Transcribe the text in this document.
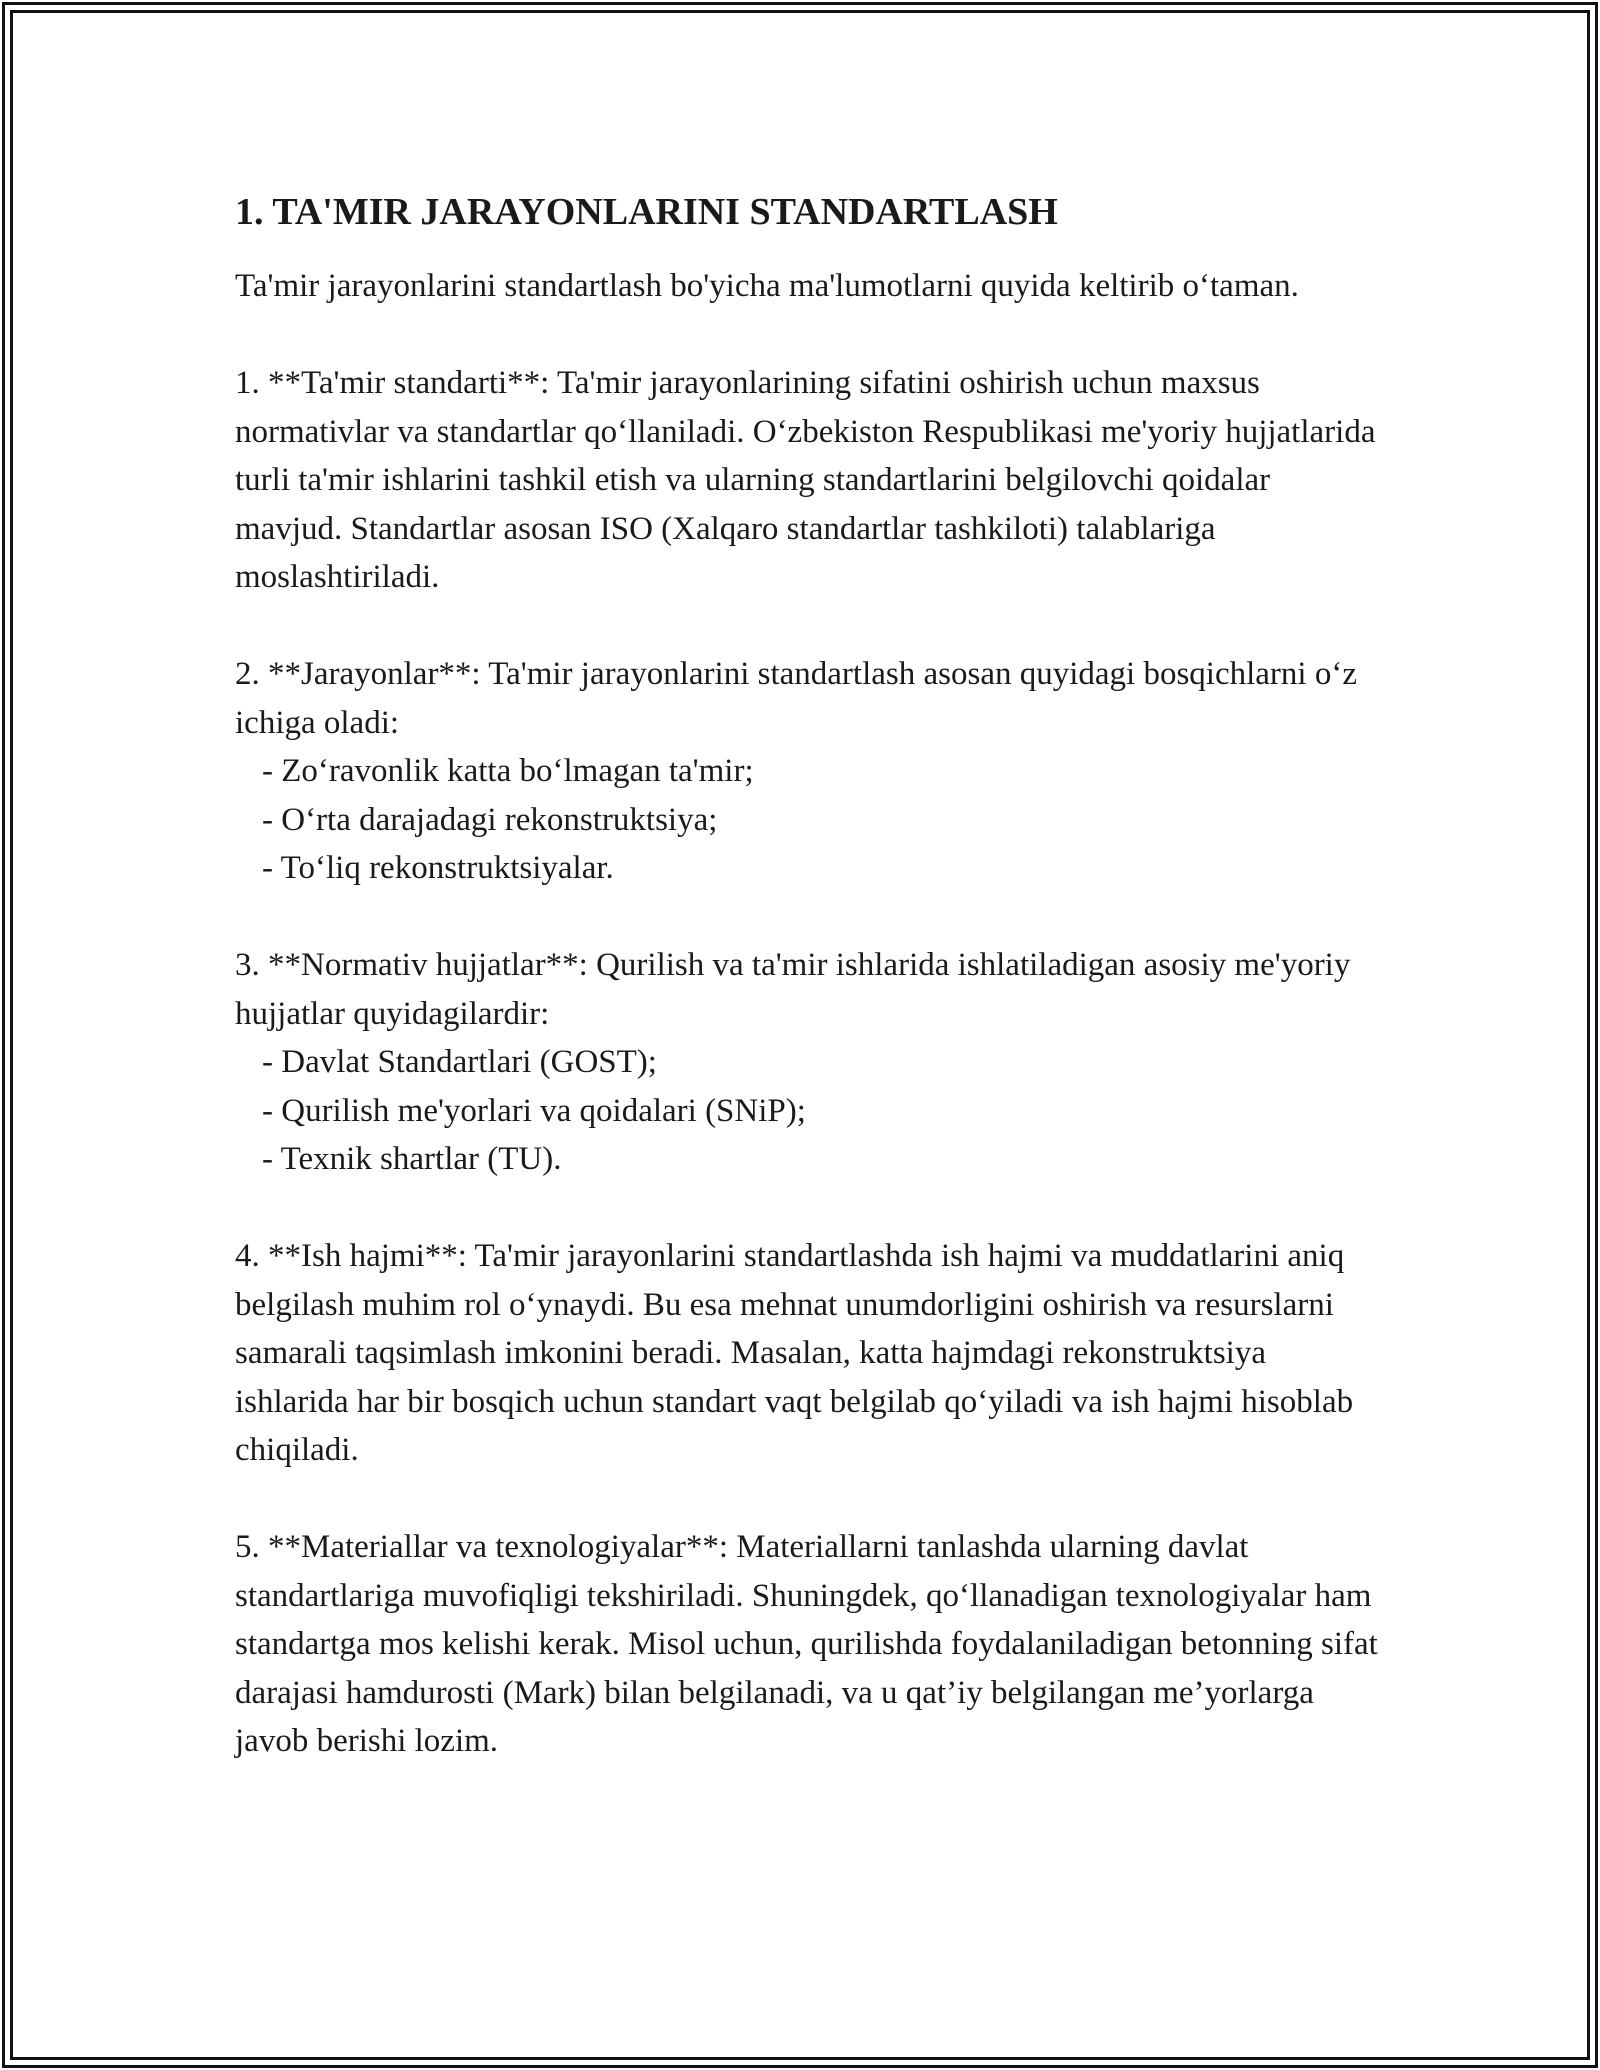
1. TA'MIR JARAYONLARINI STANDARTLASH

Ta'mir jarayonlarini standartlash bo'yicha ma'lumotlarni quyida keltirib o‘taman.

1. **Ta'mir standarti**: Ta'mir jarayonlarining sifatini oshirish uchun maxsus normativlar va standartlar qo‘llaniladi. O‘zbekiston Respublikasi me'yoriy hujjatlarida turli ta'mir ishlarini tashkil etish va ularning standartlarini belgilovchi qoidalar mavjud. Standartlar asosan ISO (Xalqaro standartlar tashkiloti) talablariga moslashtiriladi.

2. **Jarayonlar**: Ta'mir jarayonlarini standartlash asosan quyidagi bosqichlarni o‘z ichiga oladi:

- Zo‘ravonlik katta bo‘lmagan ta'mir;

- O‘rta darajadagi rekonstruktsiya;

- To‘liq rekonstruktsiyalar.

3. **Normativ hujjatlar**: Qurilish va ta'mir ishlarida ishlatiladigan asosiy me'yoriy hujjatlar quyidagilardir:

- Davlat Standartlari (GOST);

- Qurilish me'yorlari va qoidalari (SNiP);

- Texnik shartlar (TU).

4. **Ish hajmi**: Ta'mir jarayonlarini standartlashda ish hajmi va muddatlarini aniq belgilash muhim rol o‘ynaydi. Bu esa mehnat unumdorligini oshirish va resurslarni samarali taqsimlash imkonini beradi. Masalan, katta hajmdagi rekonstruktsiya ishlarida har bir bosqich uchun standart vaqt belgilab qo‘yiladi va ish hajmi hisoblab chiqiladi.

5. **Materiallar va texnologiyalar**: Materiallarni tanlashda ularning davlat standartlariga muvofiqligi tekshiriladi. Shuningdek, qo‘llanadigan texnologiyalar ham standartga mos kelishi kerak. Misol uchun, qurilishda foydalaniladigan betonning sifat darajasi hamdurosti (Mark) bilan belgilanadi, va u qat’iy belgilangan me’yorlarga javob berishi lozim.
